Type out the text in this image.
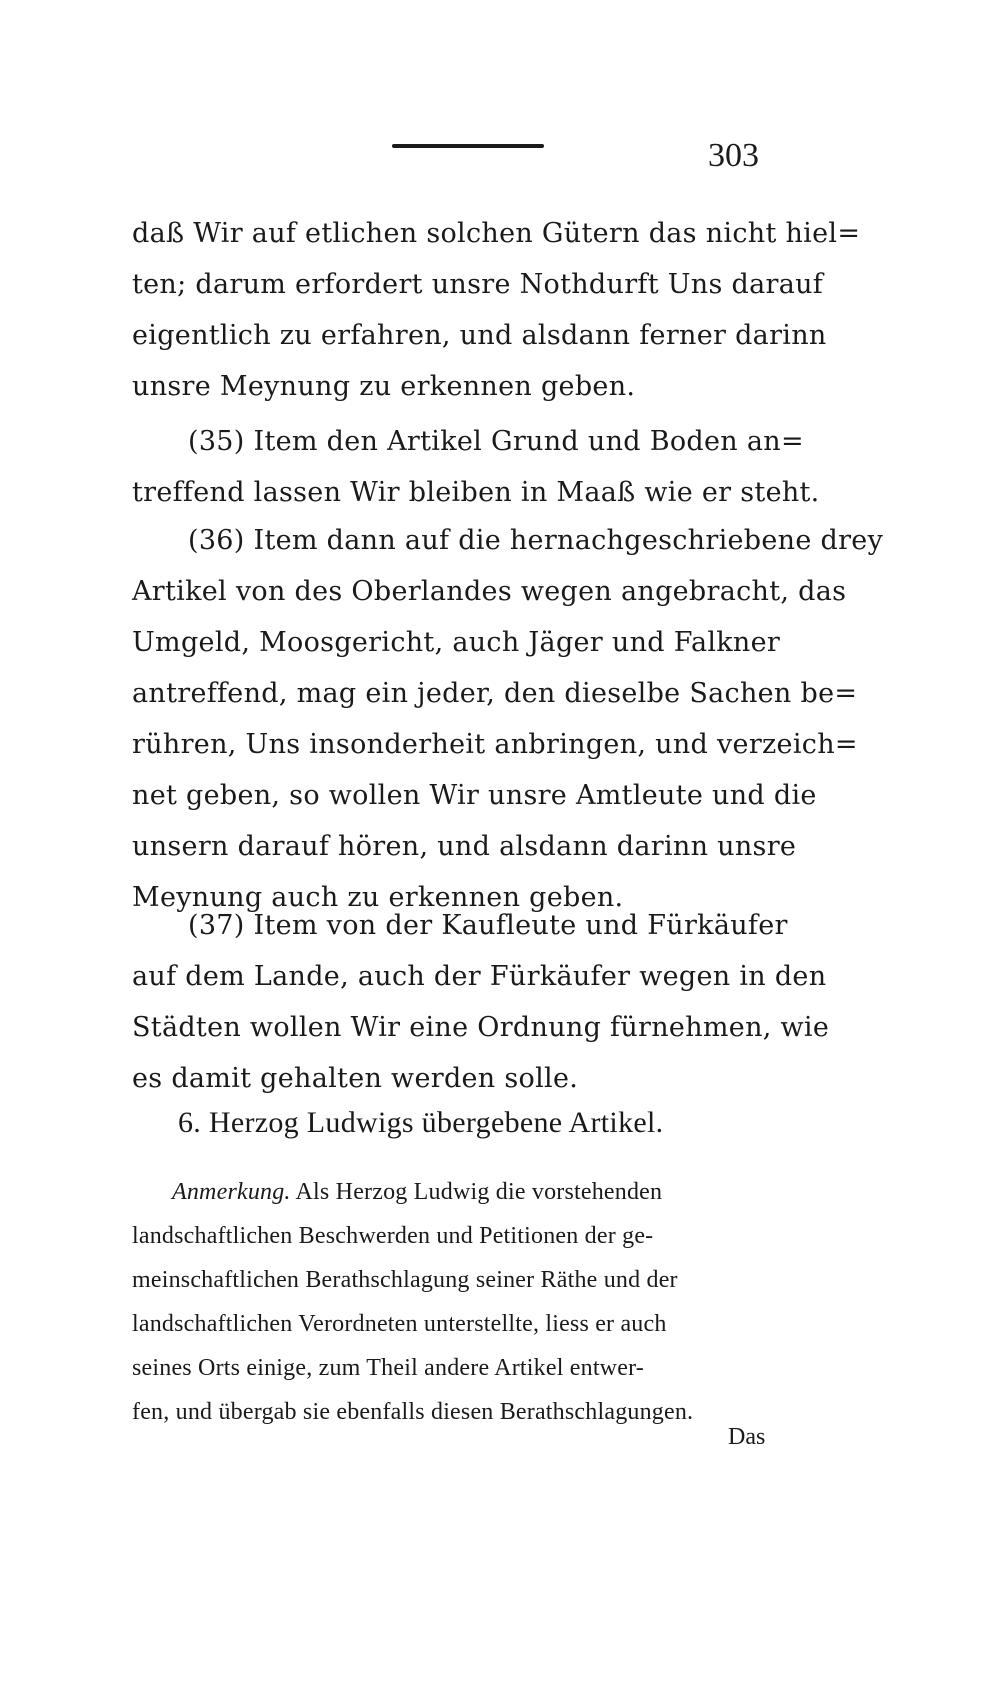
303
daß Wir auf etlichen solchen Gütern das nicht hiel=
ten; darum erfordert unsre Nothdurft Uns darauf
eigentlich zu erfahren, und alsdann ferner darinn
unsre Meynung zu erkennen geben.
(35) Item den Artikel Grund und Boden an=
treffend lassen Wir bleiben in Maaß wie er steht.
(36) Item dann auf die hernachgeschriebene drey
Artikel von des Oberlandes wegen angebracht, das
Umgeld, Moosgericht, auch Jäger und Falkner
antreffend, mag ein jeder, den dieselbe Sachen be=
rühren, Uns insonderheit anbringen, und verzeich=
net geben, so wollen Wir unsre Amtleute und die
unsern darauf hören, und alsdann darinn unsre
Meynung auch zu erkennen geben.
(37) Item von der Kaufleute und Fürkäufer
auf dem Lande, auch der Fürkäufer wegen in den
Städten wollen Wir eine Ordnung fürnehmen, wie
es damit gehalten werden solle.
6. Herzog Ludwigs übergebene Artikel.
Anmerkung. Als Herzog Ludwig die vorstehenden
landschaftlichen Beschwerden und Petitionen der ge-
meinschaftlichen Berathschlagung seiner Räthe und der
landschaftlichen Verordneten unterstellte, liess er auch
seines Orts einige, zum Theil andere Artikel entwer-
fen, und übergab sie ebenfalls diesen Berathschlagungen.
Das
